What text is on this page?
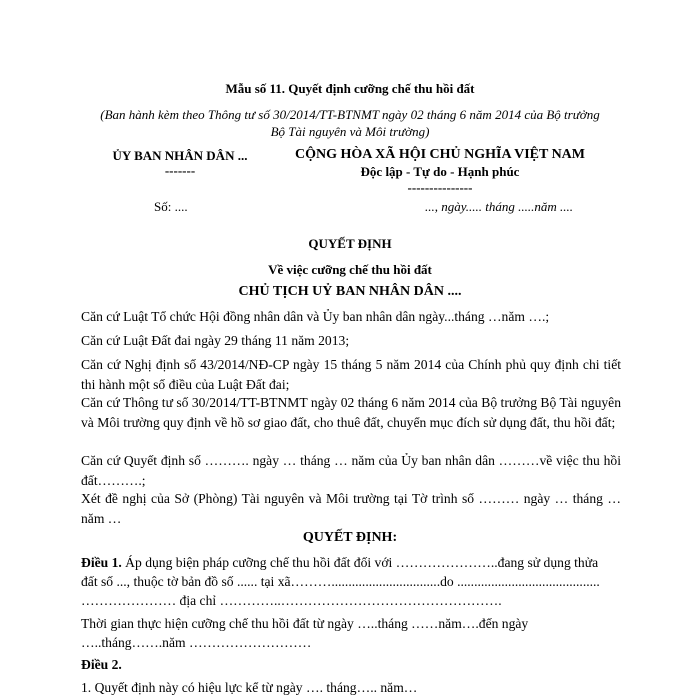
Mẫu số 11. Quyết định cưỡng chế thu hồi đất
(Ban hành kèm theo Thông tư số 30/2014/TT-BTNMT ngày 02 tháng 6 năm 2014 của Bộ trưởng
Bộ Tài nguyên và Môi trường)
ỦY BAN NHÂN DÂN ...
-------
CỘNG HÒA XÃ HỘI CHỦ NGHĨA VIỆT NAM
Độc lập - Tự do - Hạnh phúc
---------------
Số: ....	..., ngày..... tháng .....năm ....
QUYẾT ĐỊNH
Về việc cưỡng chế thu hồi đất
CHỦ TỊCH UỶ BAN NHÂN DÂN ....
Căn cứ Luật Tổ chức Hội đồng nhân dân và Ủy ban nhân dân ngày...tháng …năm ….;
Căn cứ Luật Đất đai ngày 29 tháng 11 năm 2013;
Căn cứ Nghị định số 43/2014/NĐ-CP ngày 15 tháng 5 năm 2014 của Chính phủ quy định chi tiết thi hành một số điều của Luật Đất đai;
Căn cứ Thông tư số 30/2014/TT-BTNMT ngày 02 tháng 6 năm 2014 của Bộ trưởng Bộ Tài nguyên và Môi trường quy định về hồ sơ giao đất, cho thuê đất, chuyển mục đích sử dụng đất, thu hồi đất;
Căn cứ Quyết định số ………. ngày … tháng … năm của Ủy ban nhân dân ………về việc thu hồi đất……….;
Xét đề nghị của Sở (Phòng) Tài nguyên và Môi trường tại Tờ trình số ……… ngày … tháng … năm …
QUYẾT ĐỊNH:
Điều 1. Áp dụng biện pháp cưỡng chế thu hồi đất đối với …………………..đang sử dụng thửa
đất số ..., thuộc tờ bản đồ số ...... tại xã………................................do ..........................................
………………… địa chỉ …………..………………………………………….
Thời gian thực hiện cưỡng chế thu hồi đất từ ngày …..tháng ……năm….đến ngày
…..tháng…….năm ………………………
Điều 2.
1. Quyết định này có hiệu lực kể từ ngày …. tháng….. năm…
